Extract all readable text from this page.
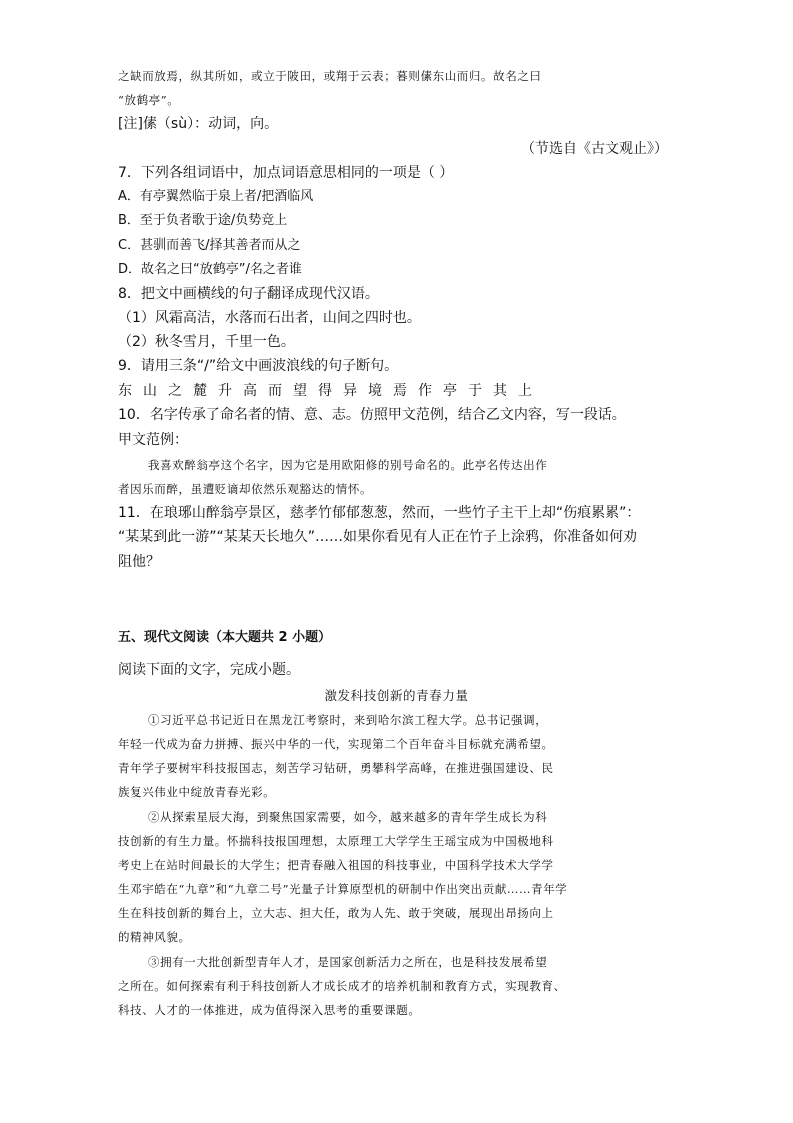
之缺而放焉，纵其所如，或立于陂田，或翔于云表；暮则傃东山而归。故名之曰
“放鹤亭”。
[注]傃（sù）：动词，向。
（节选自《古文观止》）
7．下列各组词语中，加点词语意思相同的一项是（ ）
A．有亭翼然临于泉上者/把酒临风
B．至于负者歌于途/负势竞上
C．甚驯而善飞/择其善者而从之
D．故名之曰“放鹤亭”/名之者谁
8．把文中画横线的句子翻译成现代汉语。
（1）风霜高洁，水落而石出者，山间之四时也。
（2）秋冬雪月，千里一色。
9．请用三条“/”给文中画波浪线的句子断句。
东山之麓升高而望得异境焉作亭于其上
10．名字传承了命名者的情、意、志。仿照甲文范例，结合乙文内容，写一段话。
甲文范例：
我喜欢醉翁亭这个名字，因为它是用欧阳修的别号命名的。此亭名传达出作
者因乐而醉，虽遭贬谪却依然乐观豁达的情怀。
11．在琅琊山醉翁亭景区，慈孝竹郁郁葱葱，然而，一些竹子主干上却“伤痕累累”：
“某某到此一游”“某某天长地久”……如果你看见有人正在竹子上涂鸦，你准备如何劝
阻他？
五、现代文阅读（本大题共 2 小题）
阅读下面的文字，完成小题。
激发科技创新的青春力量
①习近平总书记近日在黑龙江考察时，来到哈尔滨工程大学。总书记强调，
年轻一代成为奋力拼搏、振兴中华的一代，实现第二个百年奋斗目标就充满希望。
青年学子要树牢科技报国志，刻苦学习钻研，勇攀科学高峰，在推进强国建设、民
族复兴伟业中绽放青春光彩。
②从探索星辰大海，到聚焦国家需要，如今，越来越多的青年学生成长为科
技创新的有生力量。怀揣科技报国理想，太原理工大学学生王瑶宝成为中国极地科
考史上在站时间最长的大学生；把青春融入祖国的科技事业，中国科学技术大学学
生邓宇皓在“九章”和“九章二号”光量子计算原型机的研制中作出突出贡献……青年学
生在科技创新的舞台上，立大志、担大任，敢为人先、敢于突破，展现出昂扬向上
的精神风貌。
③拥有一大批创新型青年人才，是国家创新活力之所在，也是科技发展希望
之所在。如何探索有利于科技创新人才成长成才的培养机制和教育方式，实现教育、
科技、人才的一体推进，成为值得深入思考的重要课题。
